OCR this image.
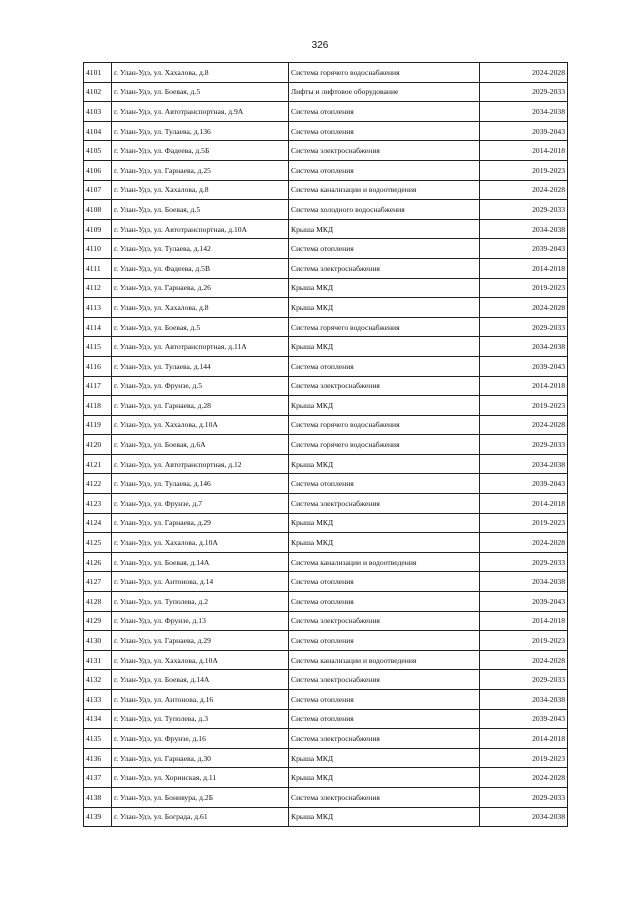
326
4101	г. Улан-Удэ, ул. Хахалова, д.8	Система горячего водоснабжения	2024-2028
4102	г. Улан-Удэ, ул. Боевая, д.5	Лифты и лифтовое оборудование	2029-2033
4103	г. Улан-Удэ, ул. Автотранспортная, д.9А	Система отопления	2034-2038
4104	г. Улан-Удэ, ул. Тулаева, д.136	Система отопления	2039-2043
4105	г. Улан-Удэ, ул. Фадеева, д.5Б	Система электроснабжения	2014-2018
4106	г. Улан-Удэ, ул. Гарнаева, д.25	Система отопления	2019-2023
4107	г. Улан-Удэ, ул. Хахалова, д.8	Система канализации и водоотведения	2024-2028
4108	г. Улан-Удэ, ул. Боевая, д.5	Система холодного водоснабжения	2029-2033
4109	г. Улан-Удэ, ул. Автотранспортная, д.10А	Крыша МКД	2034-2038
4110	г. Улан-Удэ, ул. Тулаева, д.142	Система отопления	2039-2043
4111	г. Улан-Удэ, ул. Фадеева, д.5В	Система электроснабжения	2014-2018
4112	г. Улан-Удэ, ул. Гарнаева, д.26	Крыша МКД	2019-2023
4113	г. Улан-Удэ, ул. Хахалова, д.8	Крыша МКД	2024-2028
4114	г. Улан-Удэ, ул. Боевая, д.5	Система горячего водоснабжения	2029-2033
4115	г. Улан-Удэ, ул. Автотранспортная, д.11А	Крыша МКД	2034-2038
4116	г. Улан-Удэ, ул. Тулаева, д.144	Система отопления	2039-2043
4117	г. Улан-Удэ, ул. Фрунзе, д.5	Система электроснабжения	2014-2018
4118	г. Улан-Удэ, ул. Гарнаева, д.28	Крыша МКД	2019-2023
4119	г. Улан-Удэ, ул. Хахалова, д.10А	Система горячего водоснабжения	2024-2028
4120	г. Улан-Удэ, ул. Боевая, д.6А	Система горячего водоснабжения	2029-2033
4121	г. Улан-Удэ, ул. Автотранспортная, д.12	Крыша МКД	2034-2038
4122	г. Улан-Удэ, ул. Тулаева, д.146	Система отопления	2039-2043
4123	г. Улан-Удэ, ул. Фрунзе, д.7	Система электроснабжения	2014-2018
4124	г. Улан-Удэ, ул. Гарнаева, д.29	Крыша МКД	2019-2023
4125	г. Улан-Удэ, ул. Хахалова, д.10А	Крыша МКД	2024-2028
4126	г. Улан-Удэ, ул. Боевая, д.14А	Система канализации и водоотведения	2029-2033
4127	г. Улан-Удэ, ул. Антонова, д.14	Система отопления	2034-2038
4128	г. Улан-Удэ, ул. Туполева, д.2	Система отопления	2039-2043
4129	г. Улан-Удэ, ул. Фрунзе, д.13	Система электроснабжения	2014-2018
4130	г. Улан-Удэ, ул. Гарнаева, д.29	Система отопления	2019-2023
4131	г. Улан-Удэ, ул. Хахалова, д.10А	Система канализации и водоотведения	2024-2028
4132	г. Улан-Удэ, ул. Боевая, д.14А	Система электроснабжения	2029-2033
4133	г. Улан-Удэ, ул. Антонова, д.16	Система отопления	2034-2038
4134	г. Улан-Удэ, ул. Туполева, д.3	Система отопления	2039-2043
4135	г. Улан-Удэ, ул. Фрунзе, д.16	Система электроснабжения	2014-2018
4136	г. Улан-Удэ, ул. Гарнаева, д.30	Крыша МКД	2019-2023
4137	г. Улан-Удэ, ул. Хоринская, д.11	Крыша МКД	2024-2028
4138	г. Улан-Удэ, ул. Бонивура, д.2Б	Система электроснабжения	2029-2033
4139	г. Улан-Удэ, ул. Бограда, д.61	Крыша МКД	2034-2038
